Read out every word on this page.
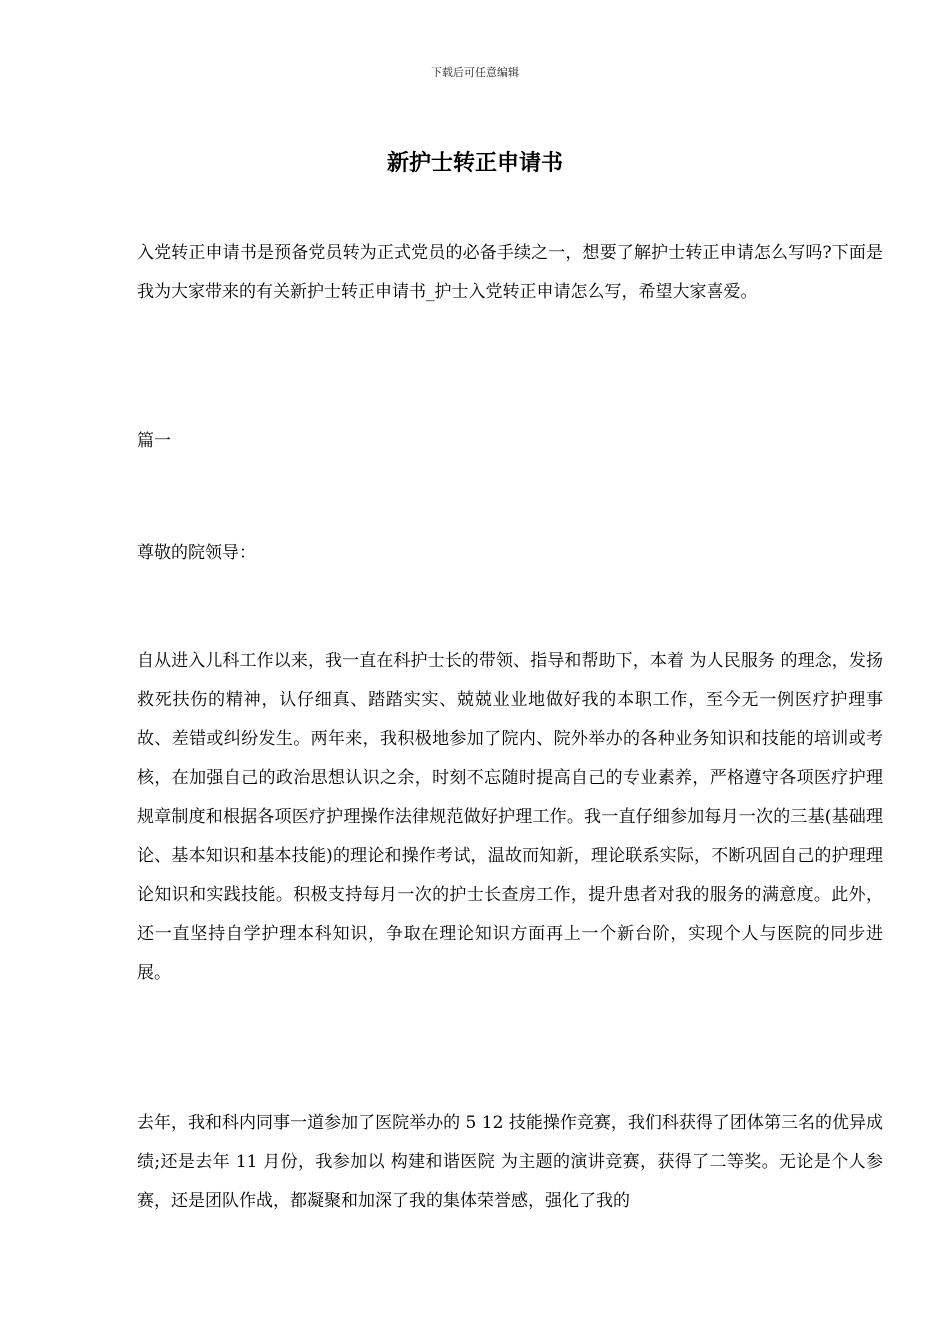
下载后可任意编辑
新护士转正申请书

入党转正申请书是预备党员转为正式党员的必备手续之一，想要了解护士转正申请怎么写吗?下面是我为大家带来的有关新护士转正申请书_护士入党转正申请怎么写，希望大家喜爱。

篇一

尊敬的院领导：

自从进入儿科工作以来，我一直在科护士长的带领、指导和帮助下，本着 为人民服务 的理念，发扬救死扶伤的精神，认仔细真、踏踏实实、兢兢业业地做好我的本职工作，至今无一例医疗护理事故、差错或纠纷发生。两年来，我积极地参加了院内、院外举办的各种业务知识和技能的培训或考核，在加强自己的政治思想认识之余，时刻不忘随时提高自己的专业素养，严格遵守各项医疗护理规章制度和根据各项医疗护理操作法律规范做好护理工作。我一直仔细参加每月一次的三基(基础理论、基本知识和基本技能)的理论和操作考试，温故而知新，理论联系实际，不断巩固自己的护理理论知识和实践技能。积极支持每月一次的护士长查房工作，提升患者对我的服务的满意度。此外，还一直坚持自学护理本科知识，争取在理论知识方面再上一个新台阶，实现个人与医院的同步进展。

去年，我和科内同事一道参加了医院举办的 5 12 技能操作竞赛，我们科获得了团体第三名的优异成绩;还是去年 11 月份，我参加以 构建和谐医院 为主题的演讲竞赛，获得了二等奖。无论是个人参赛，还是团队作战，都凝聚和加深了我的集体荣誉感，强化了我的
